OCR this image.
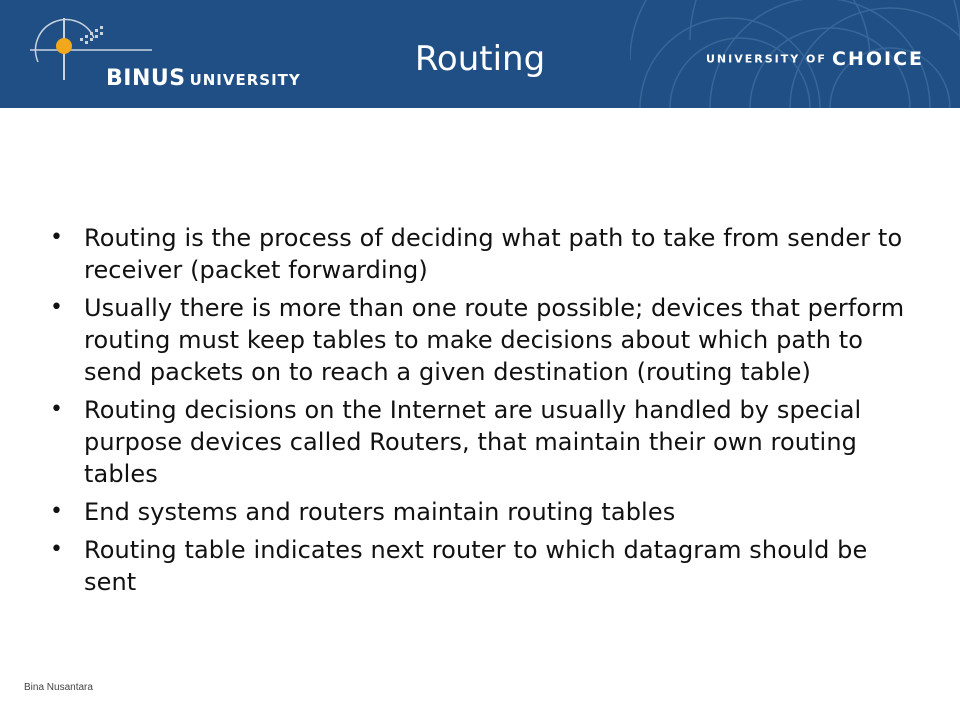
BINUS UNIVERSITY
Routing	UNIVERSITY OF CHOICE
• Routing is the process of deciding what path to take from sender to receiver (packet forwarding)
• Usually there is more than one route possible; devices that perform routing must keep tables to make decisions about which path to send packets on to reach a given destination (routing table)
• Routing decisions on the Internet are usually handled by special purpose devices called Routers, that maintain their own routing tables
• End systems and routers maintain routing tables
• Routing table indicates next router to which datagram should be sent
Bina Nusantara
